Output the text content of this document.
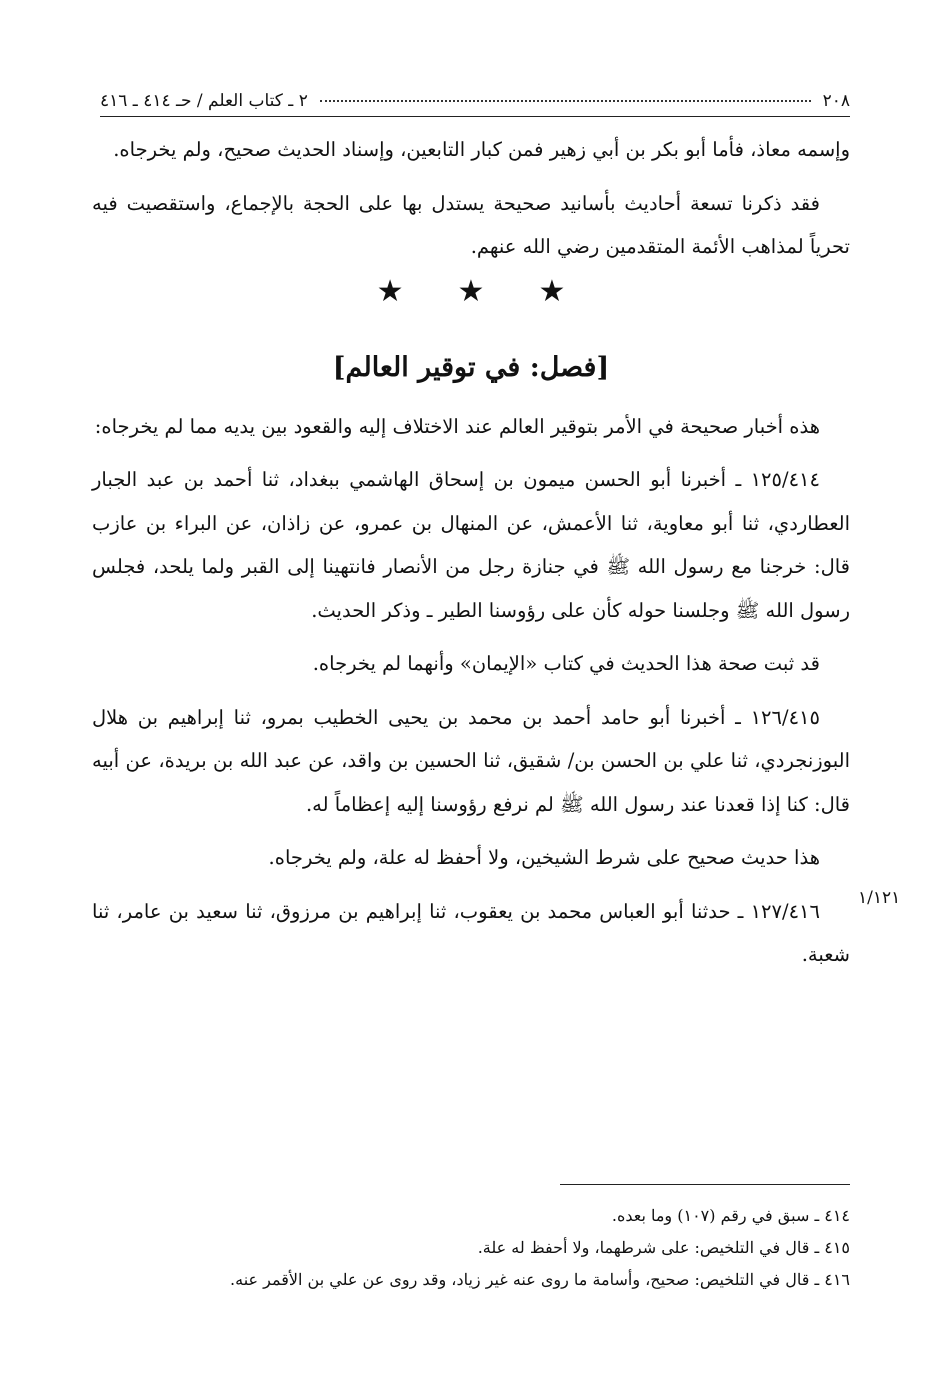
٢٠٨
٢ ـ كتاب العلم / حـ ٤١٤ ـ ٤١٦

وإسمه معاذ، فأما أبو بكر بن أبي زهير فمن كبار التابعين، وإسناد الحديث صحيح، ولم يخرجاه.

فقد ذكرنا تسعة أحاديث بأسانيد صحيحة يستدل بها على الحجة بالإجماع، واستقصيت فيه تحرياً لمذاهب الأئمة المتقدمين رضي الله عنهم.

★★★
[فصل: في توقير العالم]

هذه أخبار صحيحة في الأمر بتوقير العالم عند الاختلاف إليه والقعود بين يديه مما لم يخرجاه:

١٢٥/٤١٤ ـ أخبرنا أبو الحسن ميمون بن إسحاق الهاشمي ببغداد، ثنا أحمد بن عبد الجبار العطاردي، ثنا أبو معاوية، ثنا الأعمش، عن المنهال بن عمرو، عن زاذان، عن البراء بن عازب قال: خرجنا مع رسول الله ﷺ في جنازة رجل من الأنصار فانتهينا إلى القبر ولما يلحد، فجلس رسول الله ﷺ وجلسنا حوله كأن على رؤوسنا الطير ـ وذكر الحديث.

قد ثبت صحة هذا الحديث في كتاب «الإيمان» وأنهما لم يخرجاه.

١٢٦/٤١٥ ـ أخبرنا أبو حامد أحمد بن محمد بن يحيى الخطيب بمرو، ثنا إبراهيم بن هلال البوزنجردي، ثنا علي بن الحسن بن/ شقيق، ثنا الحسين بن واقد، عن عبد الله بن بريدة، عن أبيه قال: كنا إذا قعدنا عند رسول الله ﷺ لم نرفع رؤوسنا إليه إعظاماً له.

هذا حديث صحيح على شرط الشيخين، ولا أحفظ له علة، ولم يخرجاه.

١٢٧/٤١٦ ـ حدثنا أبو العباس محمد بن يعقوب، ثنا إبراهيم بن مرزوق، ثنا سعيد بن عامر، ثنا شعبة.

١/١٢١

٤١٤ ـ سبق في رقم (١٠٧) وما بعده.

٤١٥ ـ قال في التلخيص: على شرطهما، ولا أحفظ له علة.

٤١٦ ـ قال في التلخيص: صحيح، وأسامة ما روى عنه غير زياد، وقد روى عن علي بن الأقمر عنه.
